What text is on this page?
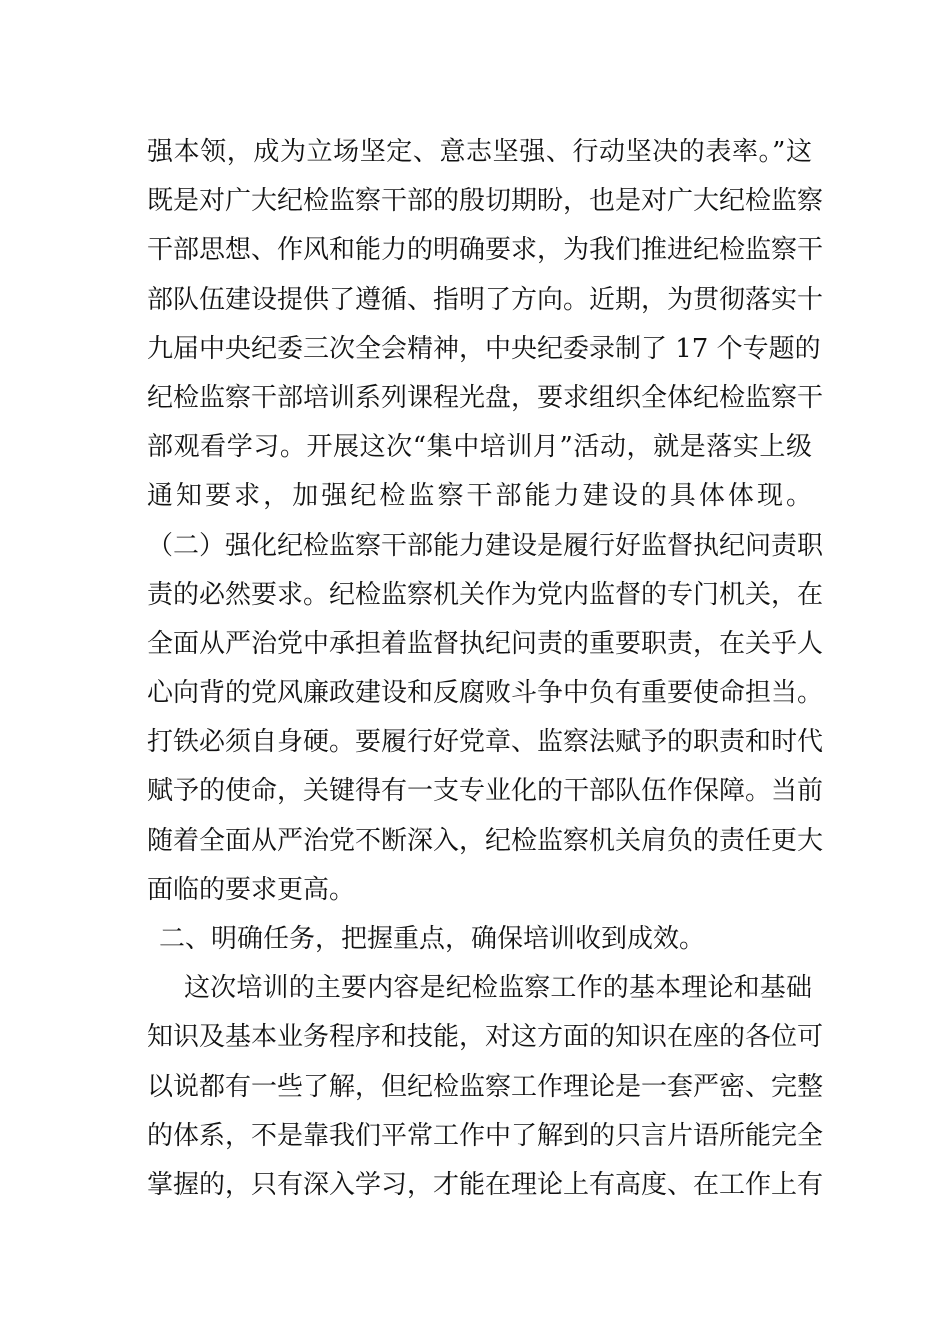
强本领，成为立场坚定、意志坚强、行动坚决的表率。”这
既是对广大纪检监察干部的殷切期盼，也是对广大纪检监察
干部思想、作风和能力的明确要求，为我们推进纪检监察干
部队伍建设提供了遵循、指明了方向。近期，为贯彻落实十
九届中央纪委三次全会精神，中央纪委录制了 17 个专题的
纪检监察干部培训系列课程光盘，要求组织全体纪检监察干
部观看学习。开展这次“集中培训月”活动，就是落实上级
通知要求，加强纪检监察干部能力建设的具体体现。
（二）强化纪检监察干部能力建设是履行好监督执纪问责职
责的必然要求。纪检监察机关作为党内监督的专门机关，在
全面从严治党中承担着监督执纪问责的重要职责，在关乎人
心向背的党风廉政建设和反腐败斗争中负有重要使命担当。
打铁必须自身硬。要履行好党章、监察法赋予的职责和时代
赋予的使命，关键得有一支专业化的干部队伍作保障。当前
随着全面从严治党不断深入，纪检监察机关肩负的责任更大
面临的要求更高。
二、明确任务，把握重点，确保培训收到成效。
这次培训的主要内容是纪检监察工作的基本理论和基础
知识及基本业务程序和技能，对这方面的知识在座的各位可
以说都有一些了解，但纪检监察工作理论是一套严密、完整
的体系，不是靠我们平常工作中了解到的只言片语所能完全
掌握的，只有深入学习，才能在理论上有高度、在工作上有
